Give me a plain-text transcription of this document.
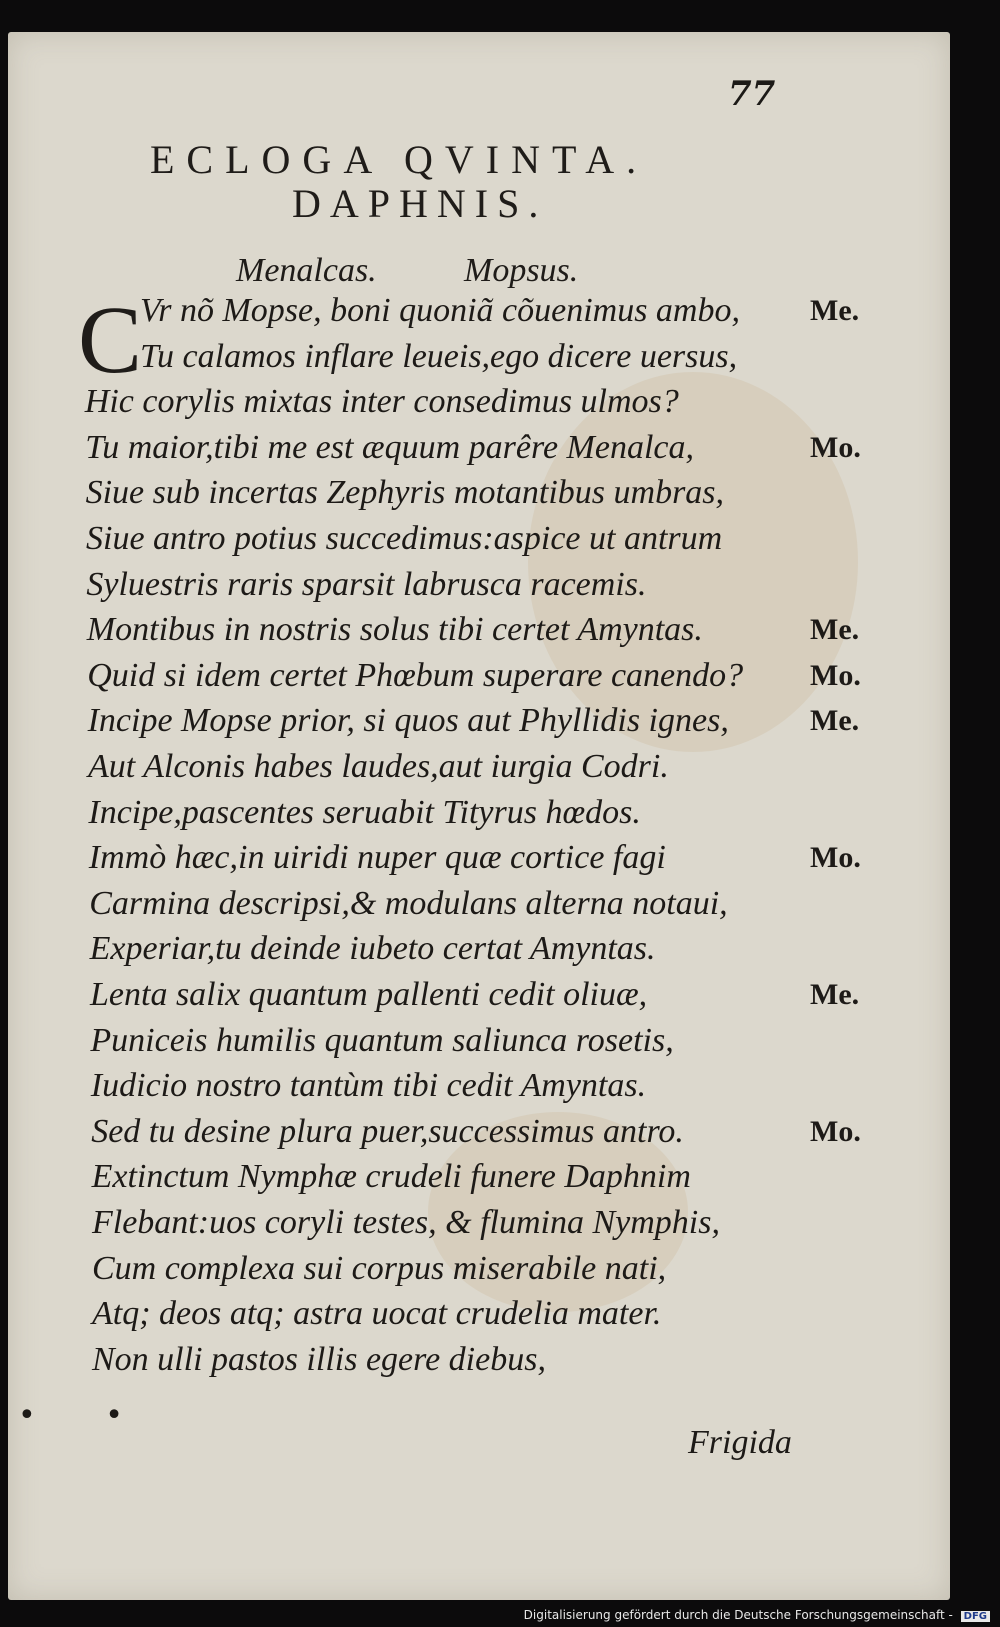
77
ECLOGA QVINTA.
DAPHNIS.
Menalcas.	Mopsus.
C
Vr nõ Mopse, boni quoniã cõuenimus ambo, Me.
Tu calamos inflare leueis,ego dicere uersus,
Hic corylis mixtas inter consedimus ulmos?
Tu maior,tibi me est æquum parêre Menalca,	Mo.
Siue sub incertas Zephyris motantibus umbras,
Siue antro potius succedimus:aspice ut antrum
Syluestris raris sparsit labrusca racemis.
Montibus in nostris solus tibi certet Amyntas.	Me.
Quid si idem certet Phœbum superare canendo? Mo.
Incipe Mopse prior, si quos aut Phyllidis ignes,	Me.
Aut Alconis habes laudes,aut iurgia Codri.
Incipe,pascentes seruabit Tityrus hœdos.
Immò hæc,in uiridi nuper quæ cortice fagi	Mo.
Carmina descripsi,& modulans alterna notaui,
Experiar,tu deinde iubeto certat Amyntas.
Lenta salix quantum pallenti cedit oliuæ,	Me.
Puniceis humilis quantum saliunca rosetis,
Iudicio nostro tantùm tibi cedit Amyntas.
Sed tu desine plura puer,successimus antro.	Mo.
Extinctum Nymphæ crudeli funere Daphnim
Flebant:uos coryli testes, & flumina Nymphis,
Cum complexa sui corpus miserabile nati,
Atq; deos atq; astra uocat crudelia mater.
Non ulli pastos illis egere diebus,
• •
Frigida
Digitalisierung gefördert durch die Deutsche Forschungsgemeinschaft - DFG
